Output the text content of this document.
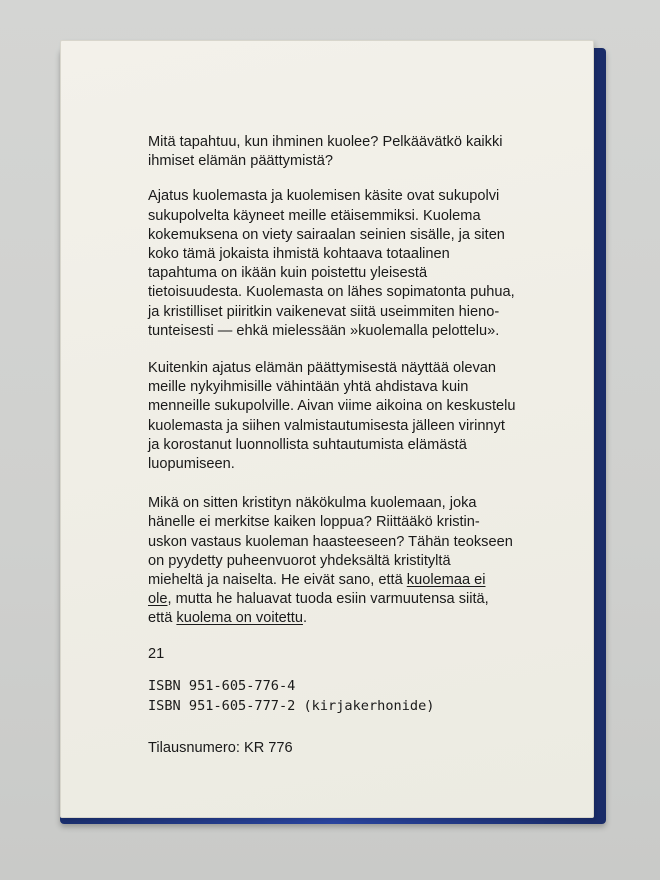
Mitä tapahtuu, kun ihminen kuolee? Pelkäävätkö kaikki
ihmiset elämän päättymistä?

Ajatus kuolemasta ja kuolemisen käsite ovat sukupolvi
sukupolvelta käyneet meille etäisemmiksi. Kuolema
kokemuksena on viety sairaalan seinien sisälle, ja siten
koko tämä jokaista ihmistä kohtaava totaalinen
tapahtuma on ikään kuin poistettu yleisestä
tietoisuudesta. Kuolemasta on lähes sopimatonta puhua,
ja kristilliset piiritkin vaikenevat siitä useimmiten hieno-
tunteisesti — ehkä mielessään »kuolemalla pelottelu».

Kuitenkin ajatus elämän päättymisestä näyttää olevan
meille nykyihmisille vähintään yhtä ahdistava kuin
menneille sukupolville. Aivan viime aikoina on keskustelu
kuolemasta ja siihen valmistautumisesta jälleen virinnyt
ja korostanut luonnollista suhtautumista elämästä
luopumiseen.

Mikä on sitten kristityn näkökulma kuolemaan, joka
hänelle ei merkitse kaiken loppua? Riittääkö kristin-
uskon vastaus kuoleman haasteeseen? Tähän teokseen
on pyydetty puheenvuorot yhdeksältä kristityltä
mieheltä ja naiselta. He eivät sano, että kuolemaa ei
ole, mutta he haluavat tuoda esiin varmuutensa siitä,
että kuolema on voitettu.

21

ISBN 951-605-776-4

ISBN 951-605-777-2 (kirjakerhonide)

Tilausnumero: KR 776
